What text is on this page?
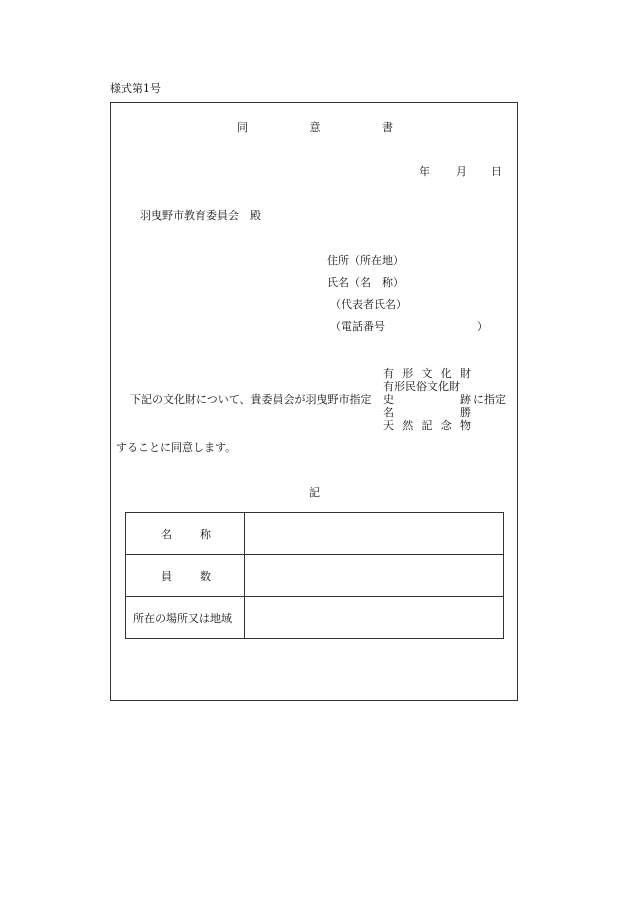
様式第1号
同	意	書
年 月 日
羽曳野市教育委員会　殿
住所（所在地）
氏名（名　称）
（代表者氏名）
（電話番号	）
有 形 文 化 財
有形民俗文化財
史	跡
名	勝
天 然 記 念 物
下記の文化財について、貴委員会が羽曳野市指定	に指定
することに同意します。
記
名 称	

員 数	

所在の場所又は地域	
